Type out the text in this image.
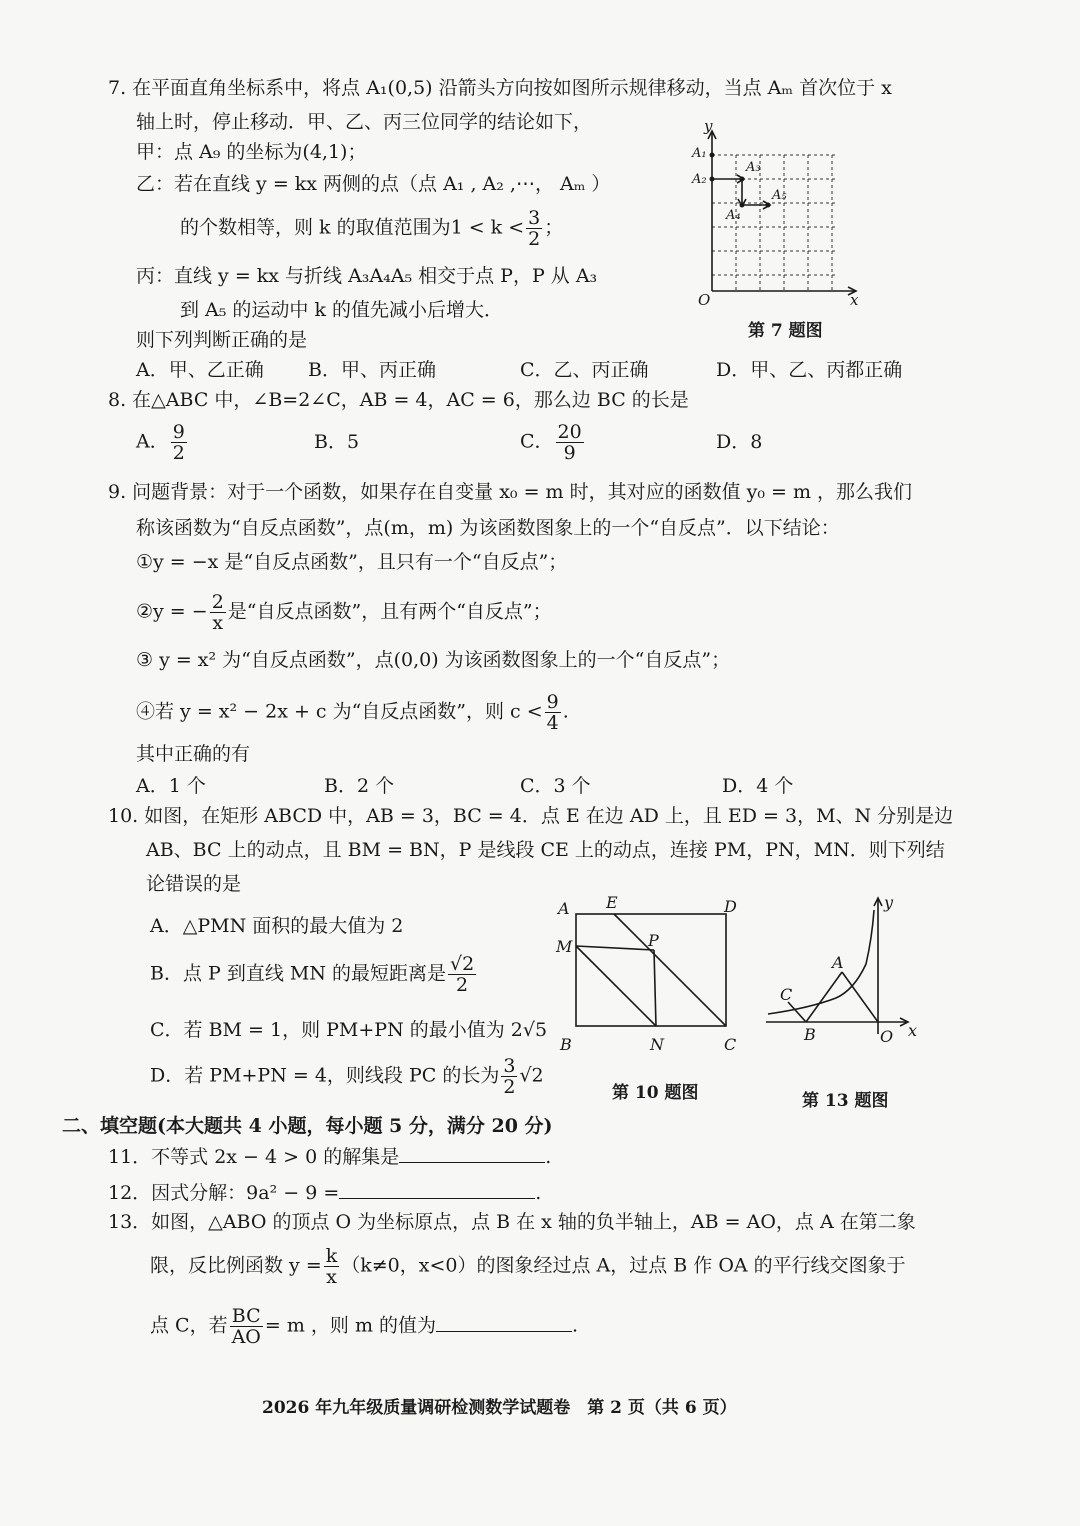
7. 在平面直角坐标系中，将点 A₁(0,5) 沿箭头方向按如图所示规律移动，当点 Aₘ 首次位于 x
轴上时，停止移动．甲、乙、丙三位同学的结论如下，
甲：点 A₉ 的坐标为(4,1)；
乙：若在直线 y = kx 两侧的点（点 A₁ , A₂ ,⋯， Aₘ ）
的个数相等，则 k 的取值范围为$1 < k < \frac{3}{2}$ ；
丙：直线 y = kx 与折线 A₃A₄A₅ 相交于点 P，P 从 A₃
到 A₅ 的运动中 k 的值先减小后增大．
则下列判断正确的是
A．甲、乙正确 B．甲、丙正确	C．乙、丙正确	D．甲、乙、丙都正确
y
x
O
A₁
A₂
A₃
A₄
A₅
第 7 题图
8. 在△ABC 中，∠B=2∠C，AB = 4，AC = 6，那么边 BC 的长是
A． $\frac{9}{2}$	B．5	C． $\frac{20}{9}$	D．8
9. 问题背景：对于一个函数，如果存在自变量 x₀ = m 时，其对应的函数值 y₀ = m ，那么我们
称该函数为“自反点函数”，点(m，m) 为该函数图象上的一个“自反点”．以下结论：
①y = −x 是“自反点函数”，且只有一个“自反点”；
②y = − $\frac{2}{x}$ 是“自反点函数”，且有两个“自反点”；
③ y = x² 为“自反点函数”，点(0,0) 为该函数图象上的一个“自反点”；
④若 y = x² − 2x + c 为“自反点函数”，则 $c < \frac{9}{4}$ .
其中正确的有
A．1 个	B．2 个	C．3 个	D．4 个
10. 如图，在矩形 ABCD 中，AB = 3，BC = 4．点 E 在边 AD 上，且 ED = 3，M、N 分别是边
AB、BC 上的动点，且 BM = BN，P 是线段 CE 上的动点，连接 PM，PN，MN．则下列结
论错误的是
A．△PMN 面积的最大值为 2
B．点 P 到直线 MN 的最短距离是 $\frac{√2}{2}$
C．若 BM = 1，则 PM+PN 的最小值为 2√5
D．若 PM+PN = 4，则线段 PC 的长为 $\frac{3}{2} √2$
A E	D
M	P
B	N	C
第 10 题图
y
x
O
A
B
C
第 13 题图
二、填空题(本大题共 4 小题，每小题 5 分，满分 20 分)
11．不等式 2x − 4 > 0 的解集是	.
12．因式分解：9a² − 9 =	.
13．如图，△ABO 的顶点 O 为坐标原点，点 B 在 x 轴的负半轴上，AB = AO，点 A 在第二象
限，反比例函数 $y = \frac{k}{x} (k\ne 0$，x<0）的图象经过点 A，过点 B 作 OA 的平行线交图象于
点 C，若 $\frac{BC}{AO} = m$ ，则 m 的值为	.
2026 年九年级质量调研检测数学试题卷　第 2 页（共 6 页）
